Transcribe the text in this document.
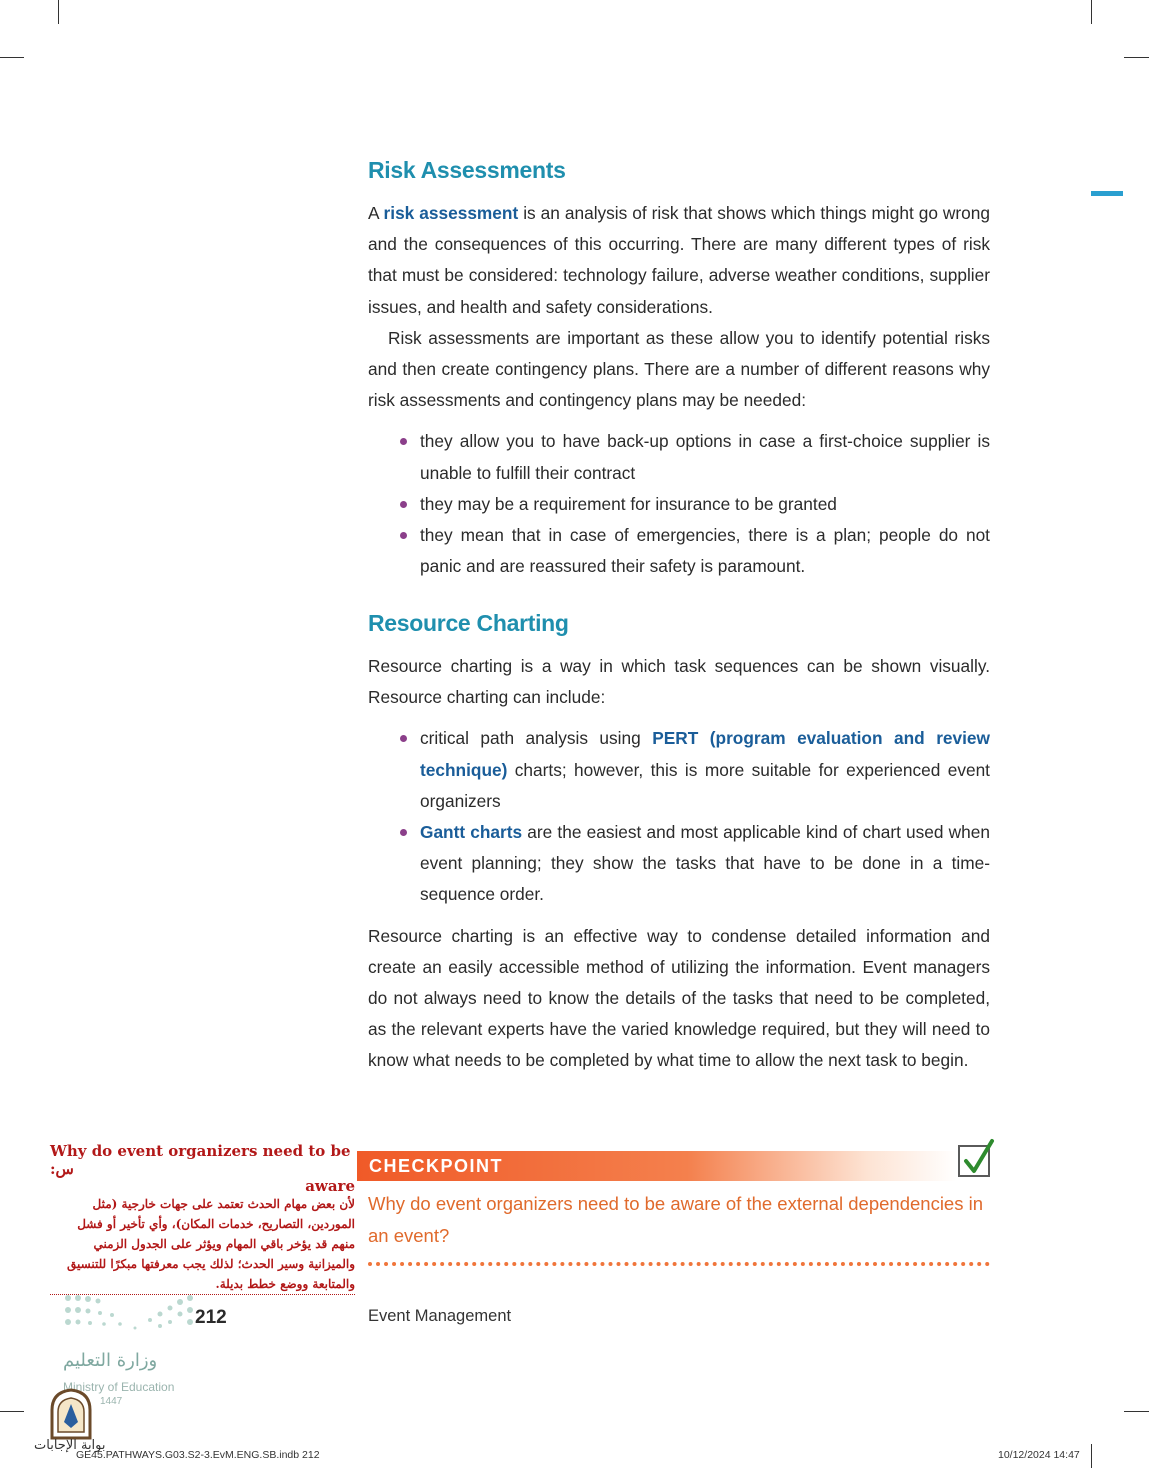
Risk Assessments

A risk assessment is an analysis of risk that shows which things might go wrong and the consequences of this occurring. There are many different types of risk that must be considered: technology failure, adverse weather conditions, supplier issues, and health and safety considerations.

Risk assessments are important as these allow you to identify potential risks and then create contingency plans. There are a number of different reasons why risk assessments and contingency plans may be needed:

they allow you to have back-up options in case a first-choice supplier is unable to fulfill their contract
they may be a requirement for insurance to be granted
they mean that in case of emergencies, there is a plan; people do not panic and are reassured their safety is paramount.
Resource Charting

Resource charting is a way in which task sequences can be shown visually. Resource charting can include:

critical path analysis using PERT (program evaluation and review technique) charts; however, this is more suitable for experienced event organizers
Gantt charts are the easiest and most applicable kind of chart used when event planning; they show the tasks that have to be done in a time-sequence order.

Resource charting is an effective way to condense detailed information and create an easily accessible method of utilizing the information. Event managers do not always need to know the details of the tasks that need to be completed, as the relevant experts have the varied knowledge required, but they will need to know what needs to be completed by what time to allow the next task to begin.

CHECKPOINT
Why do event organizers need to be aware of the external dependencies in an event?
Why do event organizers need to be :س
aware
لأن بعض مهام الحدث تعتمد على جهات خارجية (مثل الموردين، التصاريح، خدمات المكان)، وأي تأخير أو فشل منهم قد يؤخر باقي المهام ويؤثر على الجدول الزمني والميزانية وسير الحدث؛ لذلك يجب معرفتها مبكرًا للتنسيق والمتابعة ووضع خطط بديلة.
وزارة التعليم
Ministry of Education
1447
212	Event Management
بوابة الإجابات
GE45.PATHWAYS.G03.S2-3.EvM.ENG.SB.indb 212	10/12/2024 14:47
